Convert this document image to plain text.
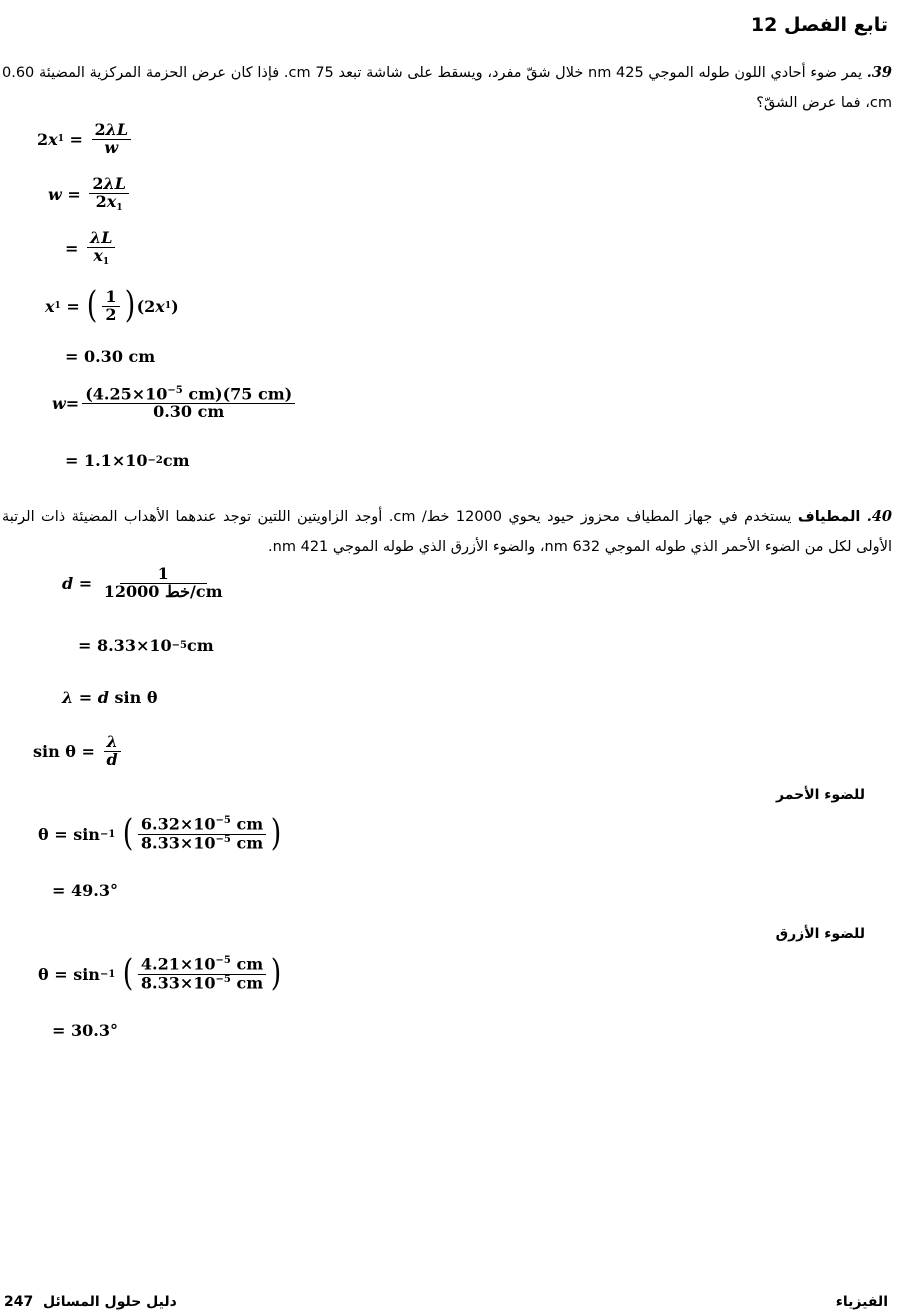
تابع الفصل 12
39. يمر ضوء أحادي اللون طوله الموجي 425 nm خلال شقّ مفرد، ويسقط على شاشة تبعد 75 cm. فإذا كان عرض الحزمة المركزية المضيئة 0.60 cm، فما عرض الشقّ؟
2 x $1 = \frac{2\lambda L}{w}$
$w = \frac{2\lambda L}{2x1}$
= $\frac{\lambda L}{x1}$
x 1 = ( $\frac{1}{2}$ ) (2 x 1 )
= 0.30 cm
$w = \frac{(4.25\times 10^{-5} cm)(75 cm)}{0.30 cm}$
= 1.1×10 −2 cm
40. المطياف يستخدم في جهاز المطياف محزوز حيود يحوي 12000 خط/ cm. أوجد الزاويتين اللتين توجد عندهما الأهداب المضيئة ذات الرتبة الأولى لكل من الضوء الأحمر الذي طوله الموجي 632 nm، والضوء الأزرق الذي طوله الموجي 421 nm.
$d = \frac{1}{\text{12000 خط/cm}}$
= 8.33×10 −5 cm
λ = d sin θ
$\sin \theta = \frac{\lambda}{d}$
للضوء الأحمر
θ = sin −1
( $\frac{6.32\times 10^{-5} cm}{8.33\times 10^{-5} cm}$ )
= 49.3°
للضوء الأزرق
θ = sin −1
( $\frac{4.21\times 10^{-5} cm}{8.33\times 10^{-5} cm}$ )
= 30.3°
247 دليل حلول المسائل	الفيزياء
